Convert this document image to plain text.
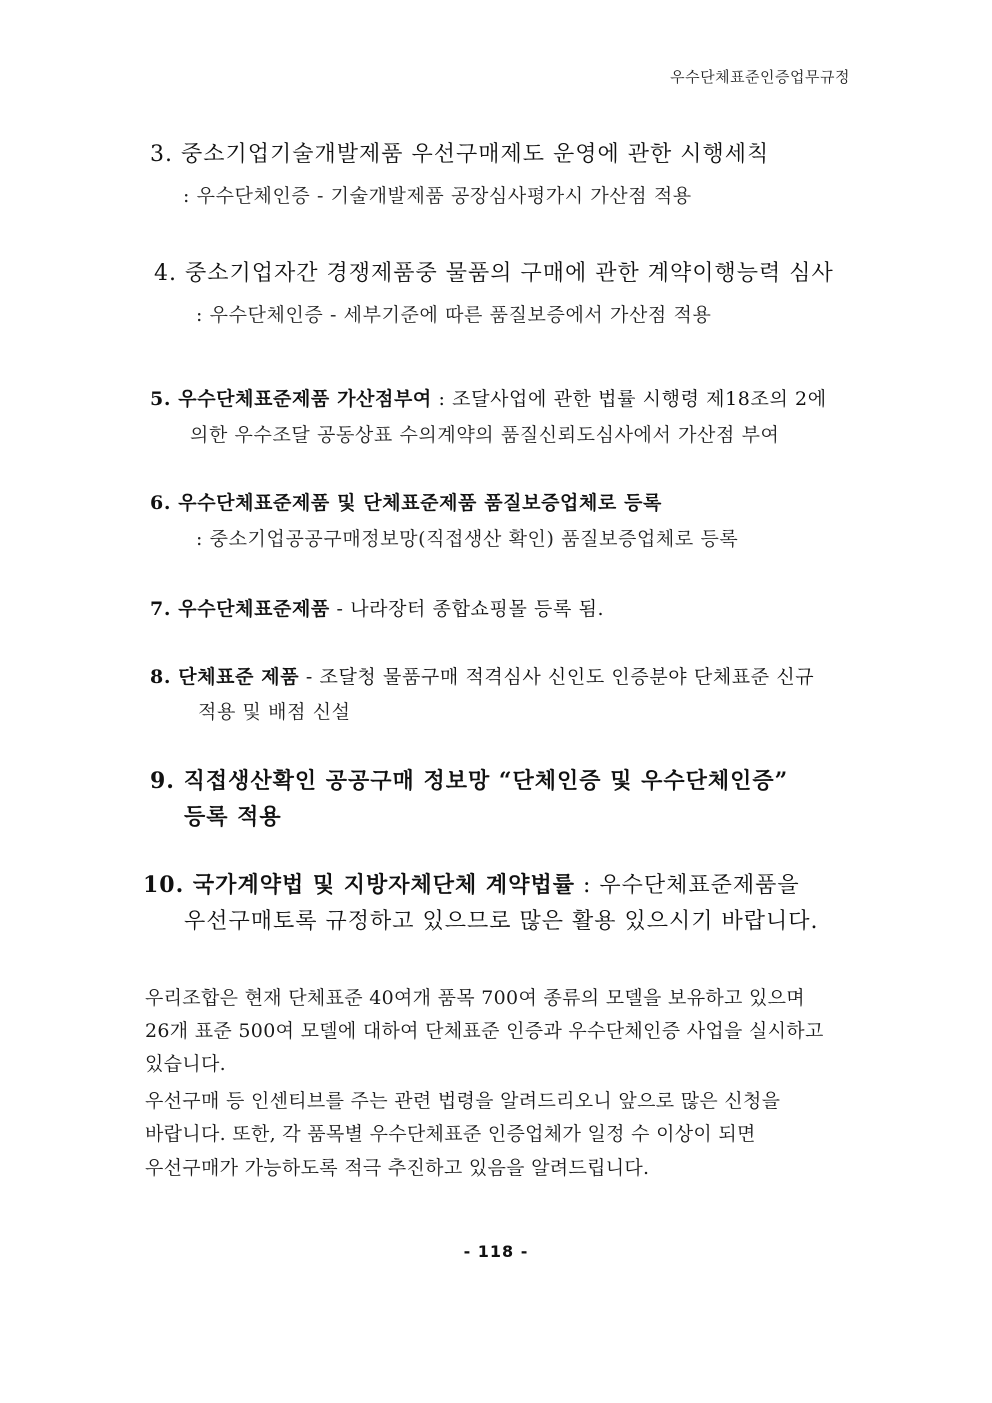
우수단체표준인증업무규정
3. 중소기업기술개발제품 우선구매제도 운영에 관한 시행세칙
: 우수단체인증 - 기술개발제품 공장심사평가시 가산점 적용
4. 중소기업자간 경쟁제품중 물품의 구매에 관한 계약이행능력 심사
: 우수단체인증 - 세부기준에 따른 품질보증에서 가산점 적용
5. 우수단체표준제품 가산점부여 : 조달사업에 관한 법률 시행령 제18조의 2에
의한 우수조달 공동상표 수의계약의 품질신뢰도심사에서 가산점 부여
6. 우수단체표준제품 및 단체표준제품 품질보증업체로 등록
: 중소기업공공구매정보망(직접생산 확인) 품질보증업체로 등록
7. 우수단체표준제품 - 나라장터 종합쇼핑몰 등록 됨.
8. 단체표준 제품 - 조달청 물품구매 적격심사 신인도 인증분야 단체표준 신규
적용 및 배점 신설
9. 직접생산확인 공공구매 정보망 “단체인증 및 우수단체인증”
등록 적용
10. 국가계약법 및 지방자체단체 계약법률 : 우수단체표준제품을
우선구매토록 규정하고 있으므로 많은 활용 있으시기 바랍니다.
우리조합은 현재 단체표준 40여개 품목 700여 종류의 모델을 보유하고 있으며
26개 표준 500여 모델에 대하여 단체표준 인증과 우수단체인증 사업을 실시하고
있습니다.
우선구매 등 인센티브를 주는 관련 법령을 알려드리오니 앞으로 많은 신청을
바랍니다. 또한, 각 품목별 우수단체표준 인증업체가 일정 수 이상이 되면
우선구매가 가능하도록 적극 추진하고 있음을 알려드립니다.
- 118 -
